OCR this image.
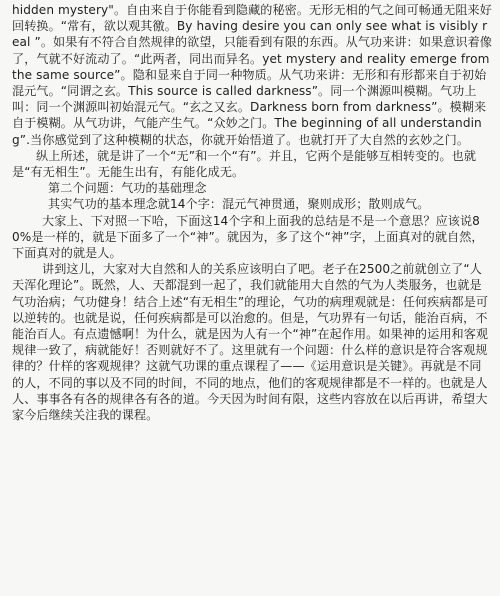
hidden mystery"。自由来自于你能看到隐藏的秘密。无形无相的气之间可畅通无阻来好回转换。“常有，欲以观其徼。By having desire you can only see what is visibly real ”。如果有不符合自然规律的欲望，只能看到有限的东西。从气功来讲：如果意识着像了，气就不好流动了。“此两者，同出而异名。yet mystery and reality emerge from the same source”。隐和显来自于同一种物质。从气功来讲：无形和有形都来自于初始混元气。“同谓之玄。This source is called darkness”。同一个渊源叫模糊。气功上叫：同一个渊源叫初始混元气。“玄之又玄。Darkness born from darkness”。模糊来自于模糊。从气功讲，气能产生气。“众妙之门。The beginning of all understanding”.当你感觉到了这种模糊的状态，你就开始悟道了。也就打开了大自然的玄妙之门。

纵上所述，就是讲了一个“无”和一个“有”。并且，它两个是能够互相转变的。也就是“有无相生”。无能生出有，有能化成无。

第二个问题：气功的基础理念

其实气功的基本理念就14个字：混元气神贯通，聚则成形；散则成气。

大家上、下对照一下哈，下面这14个字和上面我的总结是不是一个意思？应该说80%是一样的，就是下面多了一个“神”。就因为，多了这个“神”字，上面真对的就自然，下面真对的就是人。

讲到这儿，大家对大自然和人的关系应该明白了吧。老子在2500之前就创立了“人天浑化理论”。既然，人、天都混到一起了，我们就能用大自然的气为人类服务，也就是气功治病；气功健身！结合上述“有无相生”的理论，气功的病理观就是：任何疾病都是可以逆转的。也就是说，任何疾病都是可以治愈的。但是，气功界有一句话，能治百病，不能治百人。有点遗憾啊！为什么，就是因为人有一个“神”在起作用。如果神的运用和客观规律一致了，病就能好！否则就好不了。这里就有一个问题：什么样的意识是符合客观规律的？什样的客观规律？这就气功课的重点课程了——《运用意识是关键》。再就是不同的人，不同的事以及不同的时间，不同的地点，他们的客观规律都是不一样的。也就是人人、事事各有各的规律各有各的道。今天因为时间有限，这些内容放在以后再讲，希望大家今后继续关注我的课程。
